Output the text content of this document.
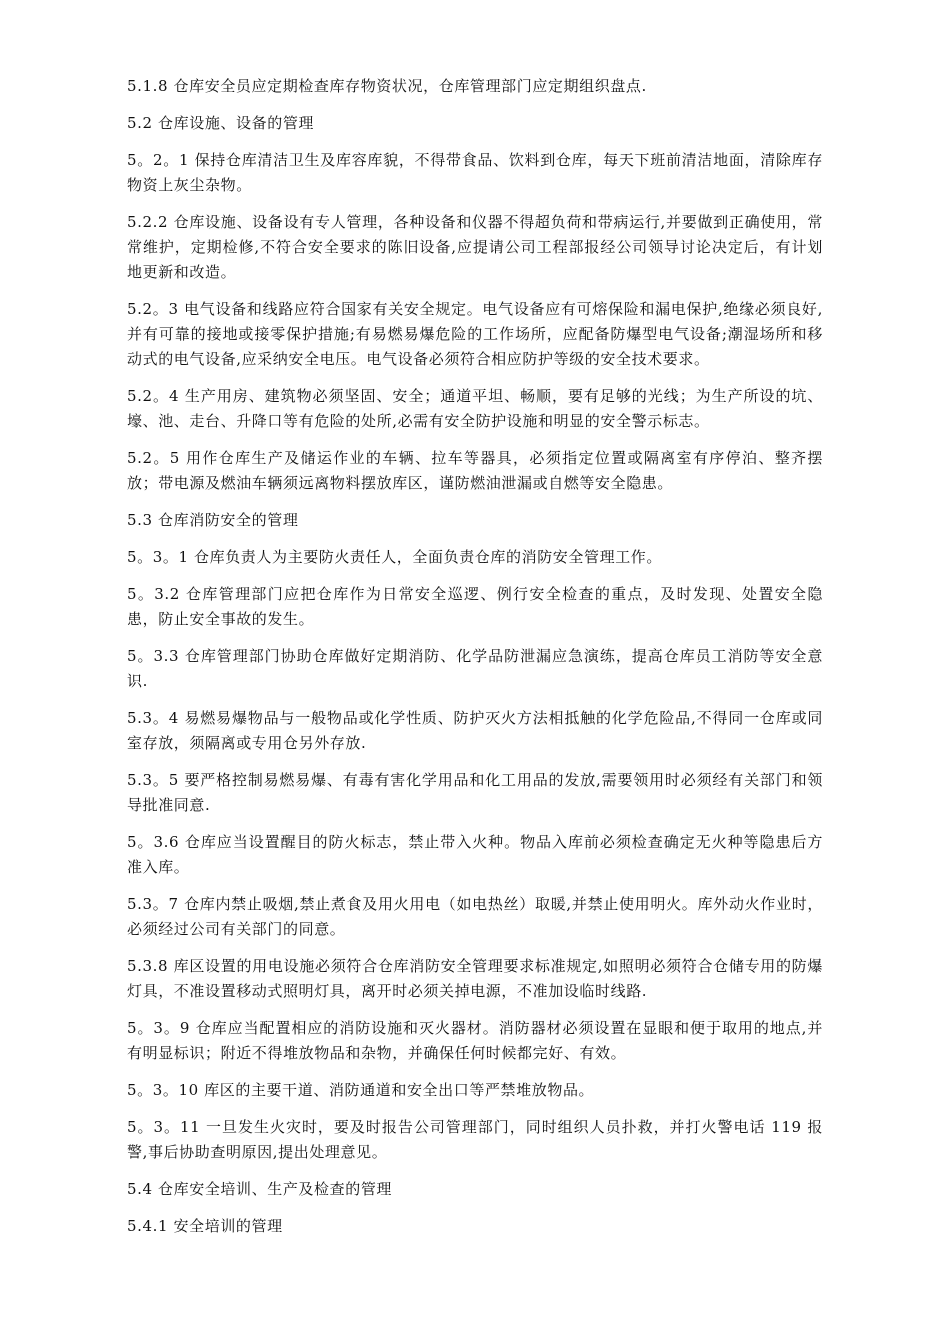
5.1.8 仓库安全员应定期检查库存物资状况，仓库管理部门应定期组织盘点.

5.2 仓库设施、设备的管理

5。2。1 保持仓库清洁卫生及库容库貌，不得带食品、饮料到仓库，每天下班前清洁地面，清除库存物资上灰尘杂物。

5.2.2 仓库设施、设备设有专人管理，各种设备和仪器不得超负荷和带病运行,并要做到正确使用，常常维护，定期检修,不符合安全要求的陈旧设备,应提请公司工程部报经公司领导讨论决定后，有计划地更新和改造。

5.2。3 电气设备和线路应符合国家有关安全规定。电气设备应有可熔保险和漏电保护,绝缘必须良好,并有可靠的接地或接零保护措施;有易燃易爆危险的工作场所，应配备防爆型电气设备;潮湿场所和移动式的电气设备,应采纳安全电压。电气设备必须符合相应防护等级的安全技术要求。

5.2。4 生产用房、建筑物必须坚固、安全；通道平坦、畅顺，要有足够的光线；为生产所设的坑、壕、池、走台、升降口等有危险的处所,必需有安全防护设施和明显的安全警示标志。

5.2。5 用作仓库生产及储运作业的车辆、拉车等器具，必须指定位置或隔离室有序停泊、整齐摆放；带电源及燃油车辆须远离物料摆放库区，谨防燃油泄漏或自燃等安全隐患。

5.3 仓库消防安全的管理

5。3。1 仓库负责人为主要防火责任人，全面负责仓库的消防安全管理工作。

5。3.2 仓库管理部门应把仓库作为日常安全巡逻、例行安全检查的重点，及时发现、处置安全隐患，防止安全事故的发生。

5。3.3 仓库管理部门协助仓库做好定期消防、化学品防泄漏应急演练，提高仓库员工消防等安全意识.

5.3。4 易燃易爆物品与一般物品或化学性质、防护灭火方法相抵触的化学危险品,不得同一仓库或同室存放，须隔离或专用仓另外存放.

5.3。5 要严格控制易燃易爆、有毒有害化学用品和化工用品的发放,需要领用时必须经有关部门和领导批准同意.

5。3.6 仓库应当设置醒目的防火标志，禁止带入火种。物品入库前必须检查确定无火种等隐患后方准入库。

5.3。7 仓库内禁止吸烟,禁止煮食及用火用电（如电热丝）取暖,并禁止使用明火。库外动火作业时，必须经过公司有关部门的同意。

5.3.8 库区设置的用电设施必须符合仓库消防安全管理要求标准规定,如照明必须符合仓储专用的防爆灯具，不准设置移动式照明灯具，离开时必须关掉电源，不准加设临时线路.

5。3。9 仓库应当配置相应的消防设施和灭火器材。消防器材必须设置在显眼和便于取用的地点,并有明显标识；附近不得堆放物品和杂物，并确保任何时候都完好、有效。

5。3。10 库区的主要干道、消防通道和安全出口等严禁堆放物品。

5。3。11 一旦发生火灾时，要及时报告公司管理部门，同时组织人员扑救，并打火警电话 119 报警,事后协助查明原因,提出处理意见。

5.4 仓库安全培训、生产及检查的管理

5.4.1 安全培训的管理
